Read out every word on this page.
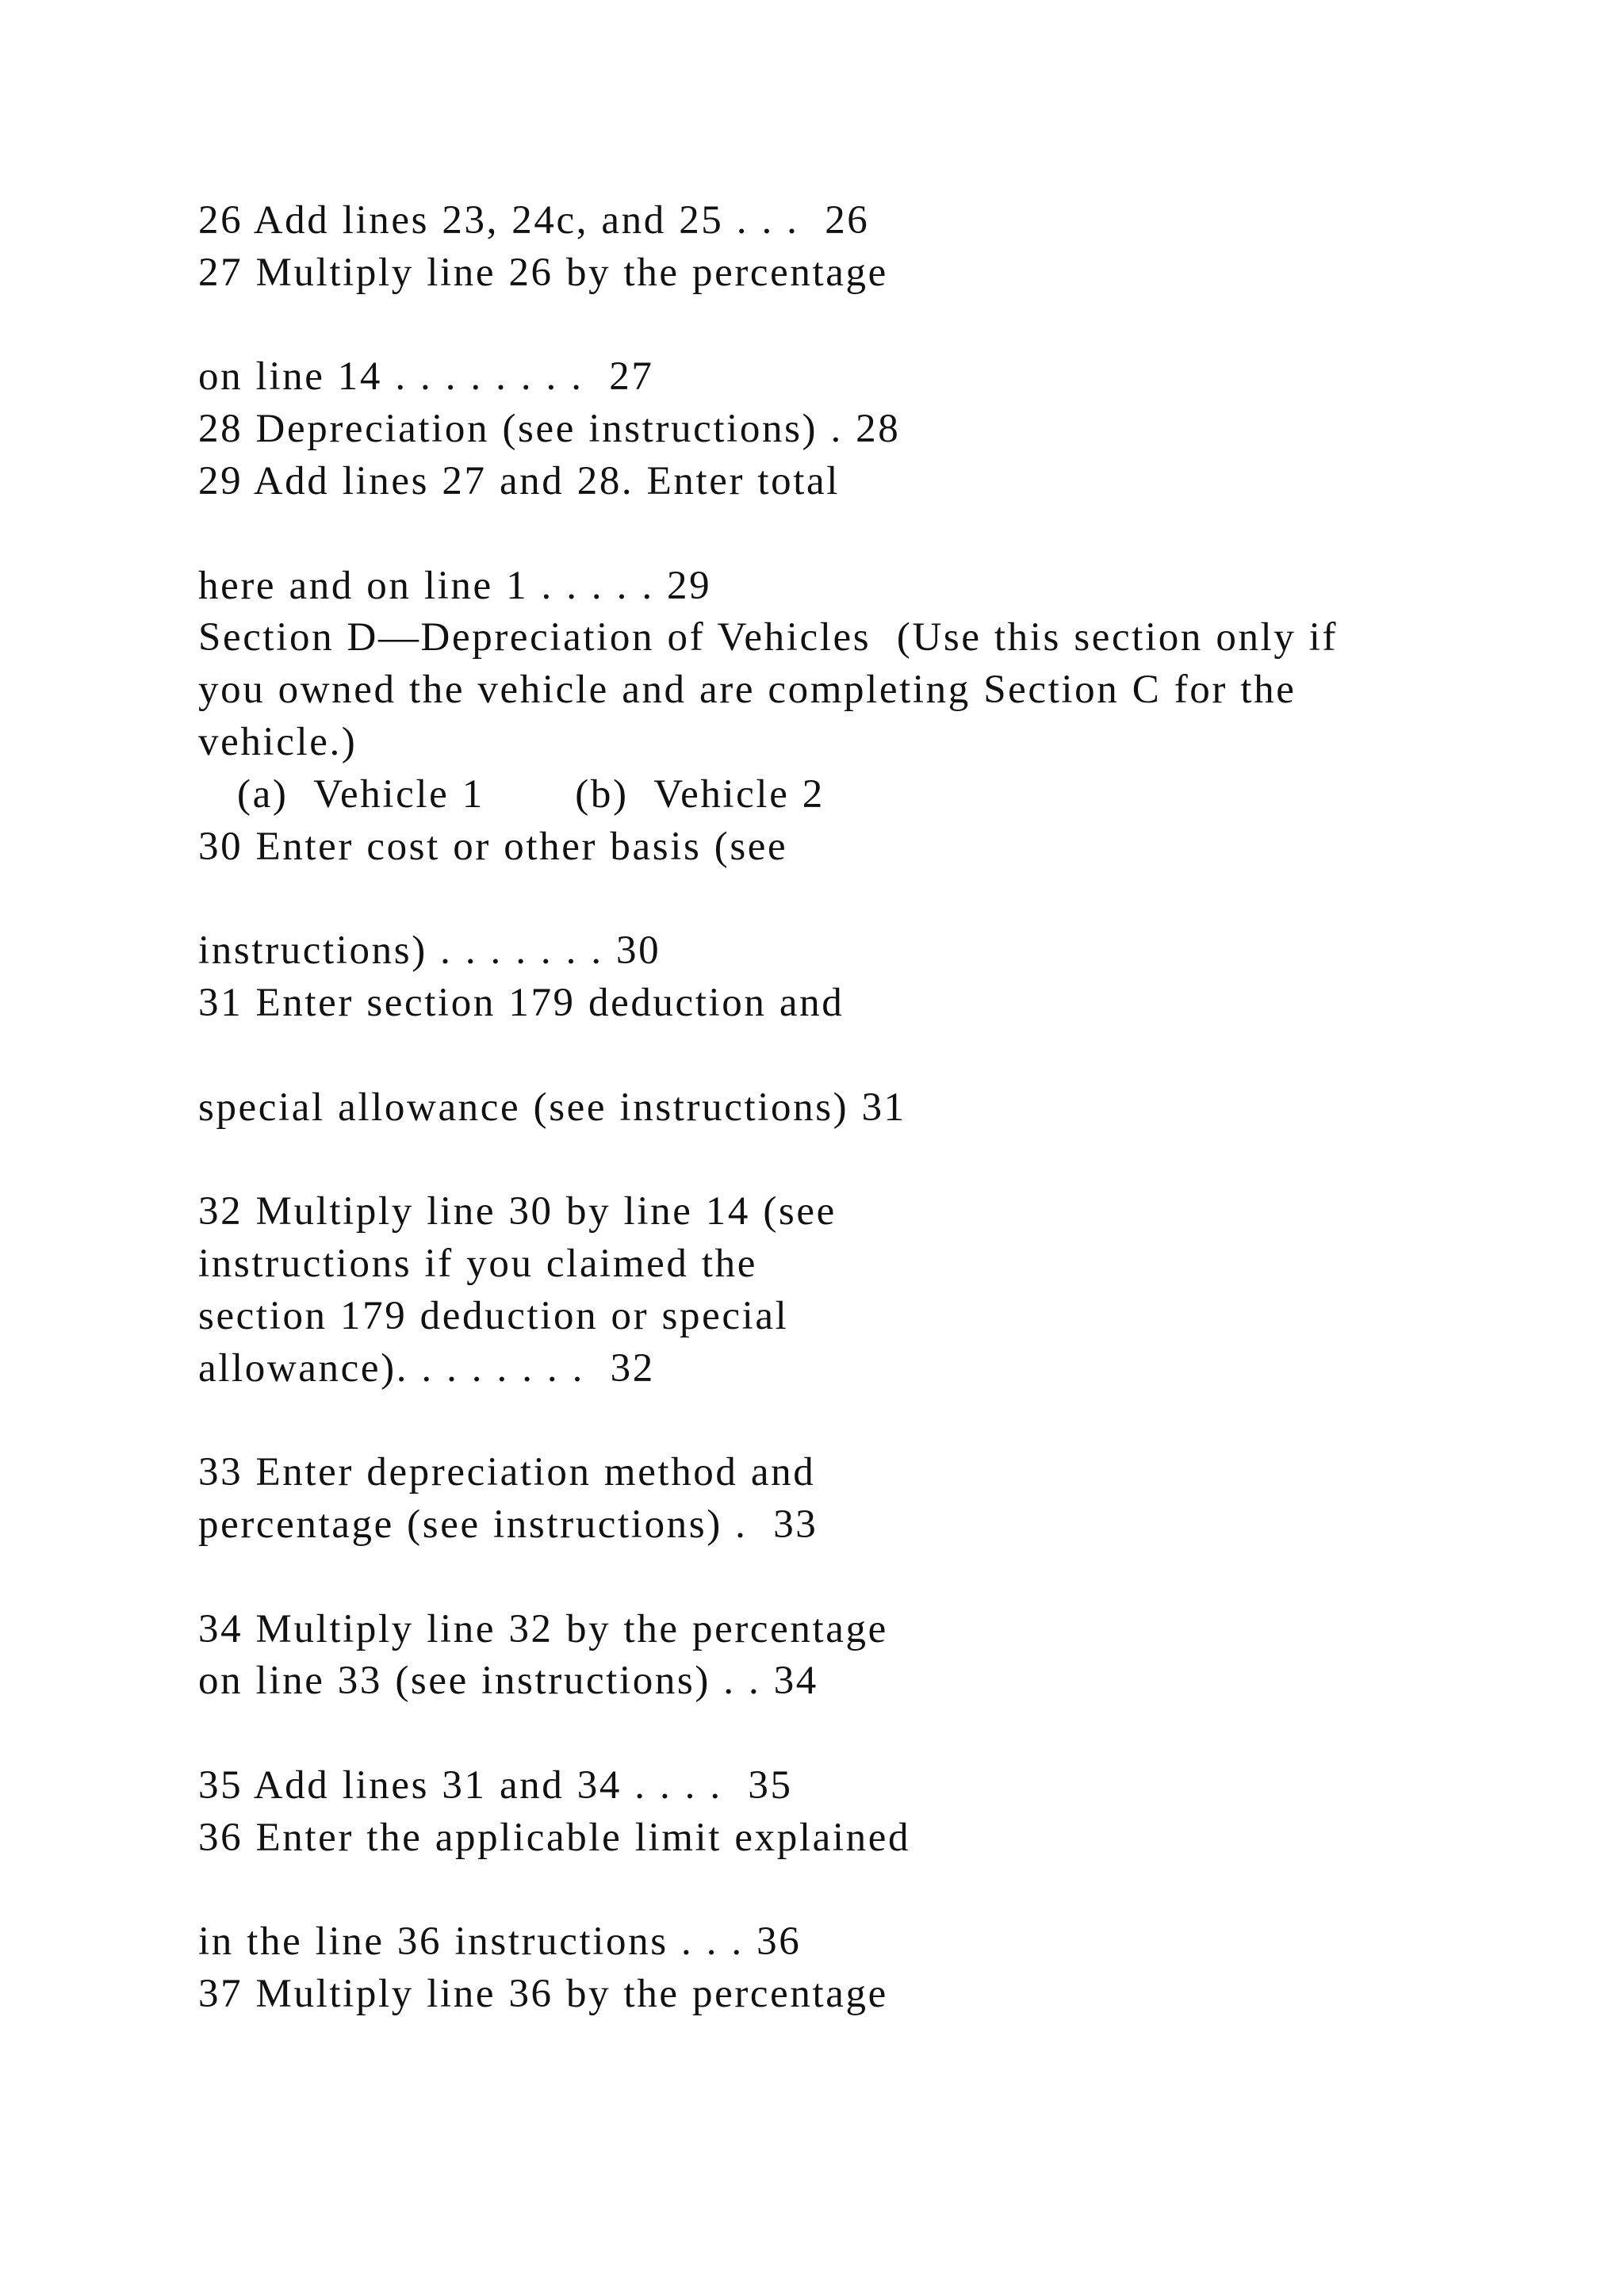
26 Add lines 23, 24c, and 25 . . .  26
27 Multiply line 26 by the percentage
on line 14 . . . . . . . .  27
28 Depreciation (see instructions) . 28
29 Add lines 27 and 28. Enter total
here and on line 1 . . . . . 29
Section D—Depreciation of Vehicles  (Use this section only if
you owned the vehicle and are completing Section C for the
vehicle.)
(a)  Vehicle 1       (b)  Vehicle 2
30 Enter cost or other basis (see
instructions) . . . . . . . 30
31 Enter section 179 deduction and
special allowance (see instructions) 31
32 Multiply line 30 by line 14 (see
instructions if you claimed the
section 179 deduction or special
allowance). . . . . . . .  32
33 Enter depreciation method and
percentage (see instructions) .  33
34 Multiply line 32 by the percentage
on line 33 (see instructions) . . 34
35 Add lines 31 and 34 . . . .  35
36 Enter the applicable limit explained
in the line 36 instructions . . . 36
37 Multiply line 36 by the percentage
